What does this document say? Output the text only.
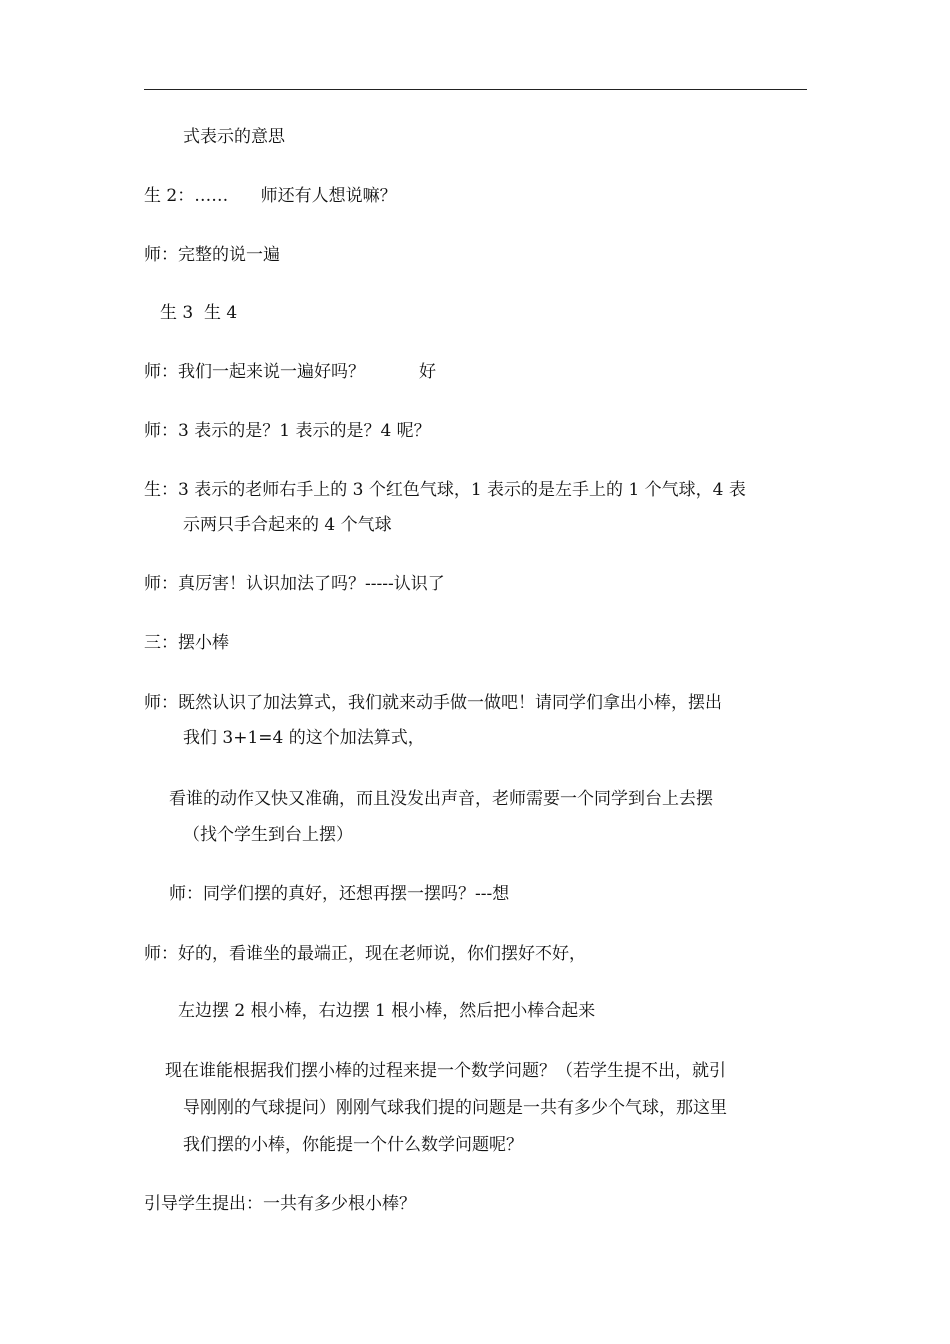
式表示的意思
生 2：……      师还有人想说嘛？
师：完整的说一遍
生 3  生 4
师：我们一起来说一遍好吗？          好
师：3 表示的是？1 表示的是？4 呢？
生：3 表示的老师右手上的 3 个红色气球，1 表示的是左手上的 1 个气球，4 表
示两只手合起来的 4 个气球
师：真厉害！认识加法了吗？-----认识了
三：摆小棒
师：既然认识了加法算式，我们就来动手做一做吧！请同学们拿出小棒，摆出
我们 3+1=4 的这个加法算式，
看谁的动作又快又准确，而且没发出声音，老师需要一个同学到台上去摆
（找个学生到台上摆）
师：同学们摆的真好，还想再摆一摆吗？---想
师：好的，看谁坐的最端正，现在老师说，你们摆好不好，
左边摆 2 根小棒，右边摆 1 根小棒，然后把小棒合起来
现在谁能根据我们摆小棒的过程来提一个数学问题？（若学生提不出，就引
导刚刚的气球提问）刚刚气球我们提的问题是一共有多少个气球，那这里
我们摆的小棒，你能提一个什么数学问题呢？
引导学生提出：一共有多少根小棒？
